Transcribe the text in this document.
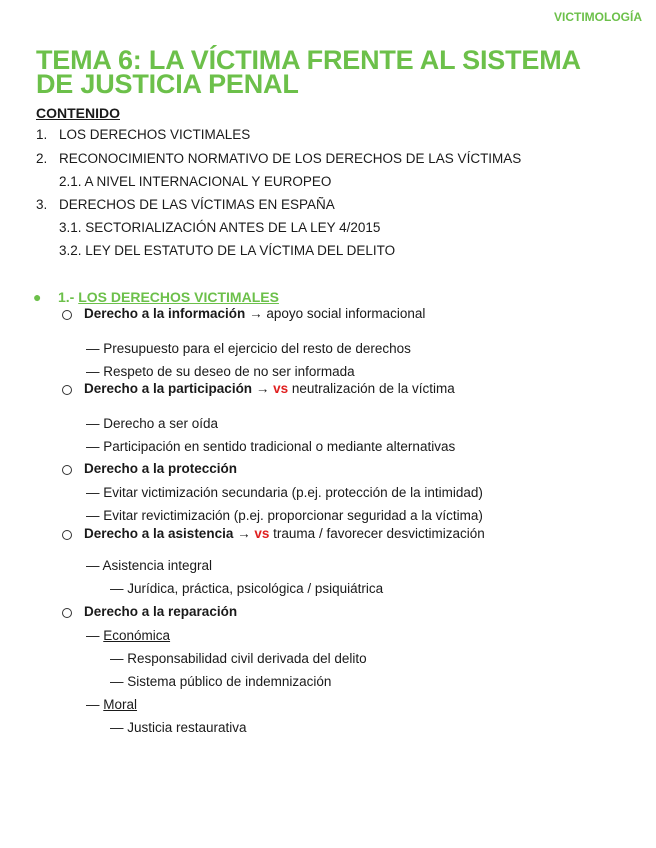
VICTIMOLOGÍA
TEMA 6: LA VÍCTIMA FRENTE AL SISTEMA
DE JUSTICIA PENAL
CONTENIDO
1. LOS DERECHOS VICTIMALES
2. RECONOCIMIENTO NORMATIVO DE LOS DERECHOS DE LAS VÍCTIMAS
2.1. A NIVEL INTERNACIONAL Y EUROPEO
3. DERECHOS DE LAS VÍCTIMAS EN ESPAÑA
3.1. SECTORIALIZACIÓN ANTES DE LA LEY 4/2015
3.2. LEY DEL ESTATUTO DE LA VÍCTIMA DEL DELITO
● 1.- LOS DERECHOS VICTIMALES
Derecho a la información → apoyo social informacional
— Presupuesto para el ejercicio del resto de derechos
— Respeto de su deseo de no ser informada
Derecho a la participación → vs neutralización de la víctima
— Derecho a ser oída
— Participación en sentido tradicional o mediante alternativas
Derecho a la protección
— Evitar victimización secundaria (p.ej. protección de la intimidad)
— Evitar revictimización (p.ej. proporcionar seguridad a la víctima)
Derecho a la asistencia → vs trauma / favorecer desvictimización
— Asistencia integral
— Jurídica, práctica, psicológica / psiquiátrica
Derecho a la reparación
— Económica
— Responsabilidad civil derivada del delito
— Sistema público de indemnización
— Moral
— Justicia restaurativa
